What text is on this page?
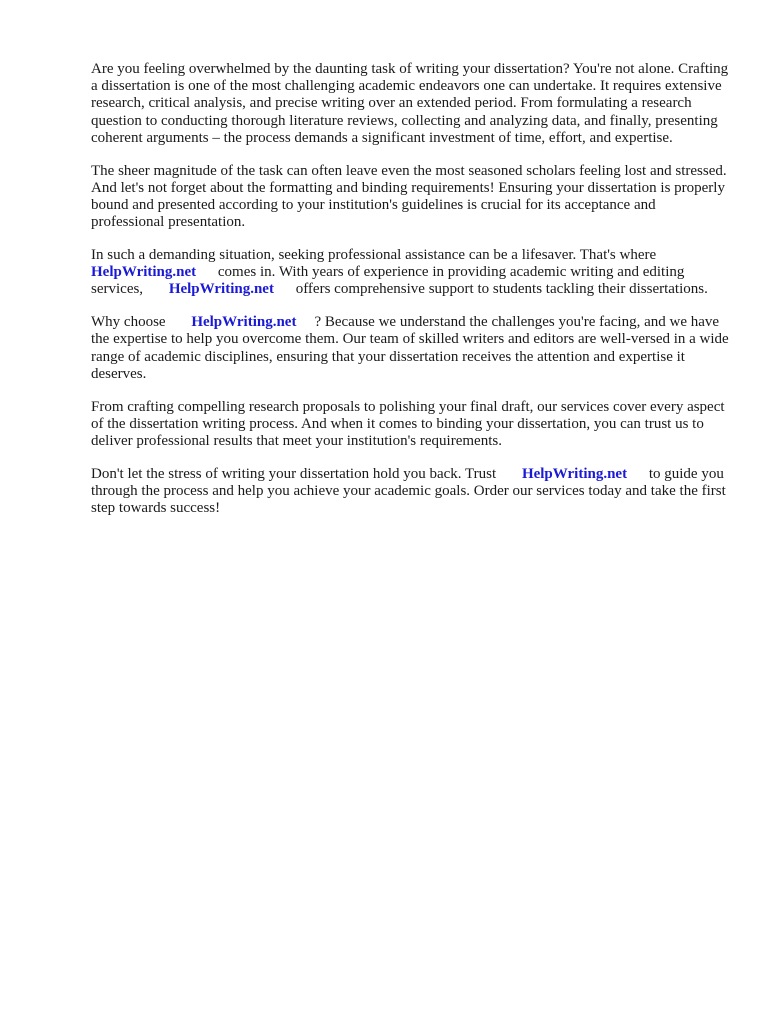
Are you feeling overwhelmed by the daunting task of writing your dissertation? You're not alone. Crafting a dissertation is one of the most challenging academic endeavors one can undertake. It requires extensive research, critical analysis, and precise writing over an extended period. From formulating a research question to conducting thorough literature reviews, collecting and analyzing data, and finally, presenting coherent arguments – the process demands a significant investment of time, effort, and expertise.

The sheer magnitude of the task can often leave even the most seasoned scholars feeling lost and stressed. And let's not forget about the formatting and binding requirements! Ensuring your dissertation is properly bound and presented according to your institution's guidelines is crucial for its acceptance and professional presentation.

In such a demanding situation, seeking professional assistance can be a lifesaver. That's where
HelpWriting.net comes in. With years of experience in providing academic writing and editing services, HelpWriting.net offers comprehensive support to students tackling their dissertations.

Why choose HelpWriting.net ? Because we understand the challenges you're facing, and we have the expertise to help you overcome them. Our team of skilled writers and editors are well-versed in a wide range of academic disciplines, ensuring that your dissertation receives the attention and expertise it deserves.

From crafting compelling research proposals to polishing your final draft, our services cover every aspect of the dissertation writing process. And when it comes to binding your dissertation, you can trust us to deliver professional results that meet your institution's requirements.

Don't let the stress of writing your dissertation hold you back. Trust HelpWriting.net to guide you through the process and help you achieve your academic goals. Order our services today and take the first step towards success!
